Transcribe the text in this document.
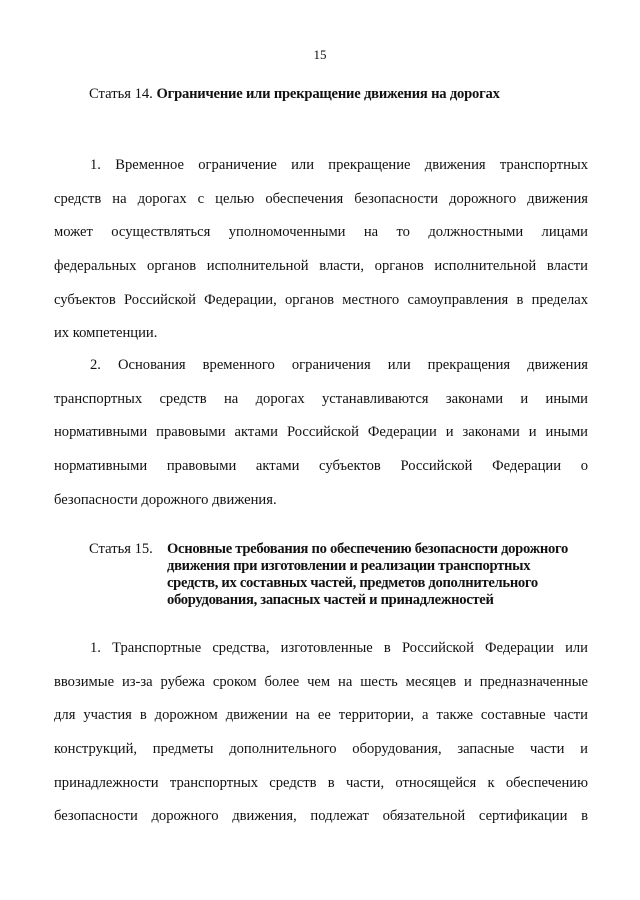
15
Статья 14. Ограничение или прекращение движения на дорогах
1. Временное ограничение или прекращение движения транспортных
средств на дорогах с целью обеспечения безопасности дорожного движения
может осуществляться уполномоченными на то должностными лицами
федеральных органов исполнительной власти, органов исполнительной власти
субъектов Российской Федерации, органов местного самоуправления в пределах
их компетенции.
2. Основания временного ограничения или прекращения движения
транспортных средств на дорогах устанавливаются законами и иными
нормативными правовыми актами Российской Федерации и законами и иными
нормативными правовыми актами субъектов Российской Федерации о
безопасности дорожного движения.
Статья 15. Основные требования по обеспечению безопасности дорожного
движения при изготовлении и реализации транспортных
средств, их составных частей, предметов дополнительного
оборудования, запасных частей и принадлежностей
1. Транспортные средства, изготовленные в Российской Федерации или
ввозимые из-за рубежа сроком более чем на шесть месяцев и предназначенные
для участия в дорожном движении на ее территории, а также составные части
конструкций, предметы дополнительного оборудования, запасные части и
принадлежности транспортных средств в части, относящейся к обеспечению
безопасности дорожного движения, подлежат обязательной сертификации в
